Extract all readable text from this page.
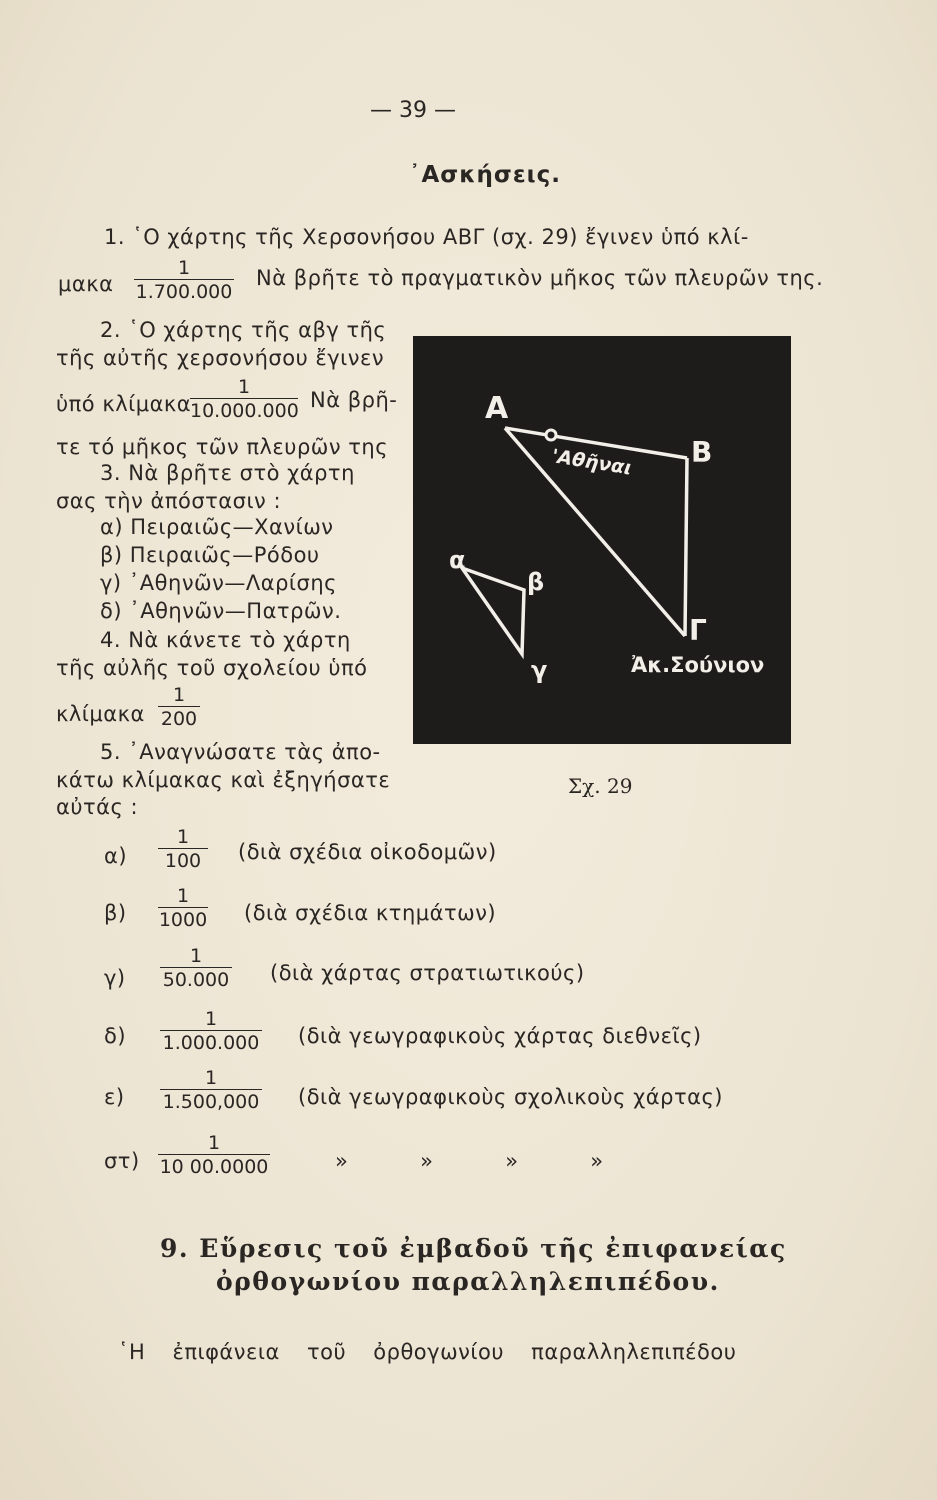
— 39 —
᾿Ασκήσεις.
1. ῾Ο χάρτης τῆς Χερσονήσου ΑΒΓ (σχ. 29) ἔγινεν ὑπό κλί-
μακα $\frac{1}{1.700.000}$ Νὰ βρῆτε τὸ πραγματικὸν μῆκος τῶν πλευρῶν της.
2. ῾Ο χάρτης τῆς αβγ τῆς
τῆς αὐτῆς χερσονήσου ἔγινεν
ὑπό κλίμακα
$\frac{1}{10.000.000}$ Νὰ βρῆ-
τε τό μῆκος τῶν πλευρῶν της
3. Νὰ βρῆτε στὸ χάρτη
σας τὴν ἀπόστασιν :
α) Πειραιῶς—Χανίων
β) Πειραιῶς—Ρόδου
γ) ᾿Αθηνῶν—Λαρίσης
δ) ᾿Αθηνῶν—Πατρῶν.
4. Νὰ κάνετε τὸ χάρτη
τῆς αὐλῆς τοῦ σχολείου ὑπό
κλίμακα $\frac{1}{200}$
5. ᾿Αναγνώσατε τὰς ἀπο-
κάτω κλίμακας καὶ ἐξηγήσατε
αὐτάς :
$\alpha) \frac{1}{100}$ (διὰ σχέδια οἰκοδομῶν)
$\beta) \frac{1}{1000}$ (διὰ σχέδια κτημάτων)
$\gamma) \frac{1}{50.000}$ (διὰ χάρτας στρατιωτικούς)
$\delta) \frac{1}{1.000.000}$ (διὰ γεωγραφικοὺς χάρτας διεθνεῖς)
$\varepsilon) \frac{1}{1.500,000}$ (διὰ γεωγραφικοὺς σχολικοὺς χάρτας)
$\sigma\tau) \frac{1}{10 00.0000}$	»          »          »          »
Α
Β
Γ
α
β
γ
'Αθῆναι
Ἀκ.Σούνιον
Σχ. 29
9. Εὕρεσις τοῦ ἐμβαδοῦ τῆς ἐπιφανείας
ὀρθογωνίου παραλληλεπιπέδου.
῾Η ἐπιφάνεια τοῦ ὀρθογωνίου παραλληλεπιπέδου
